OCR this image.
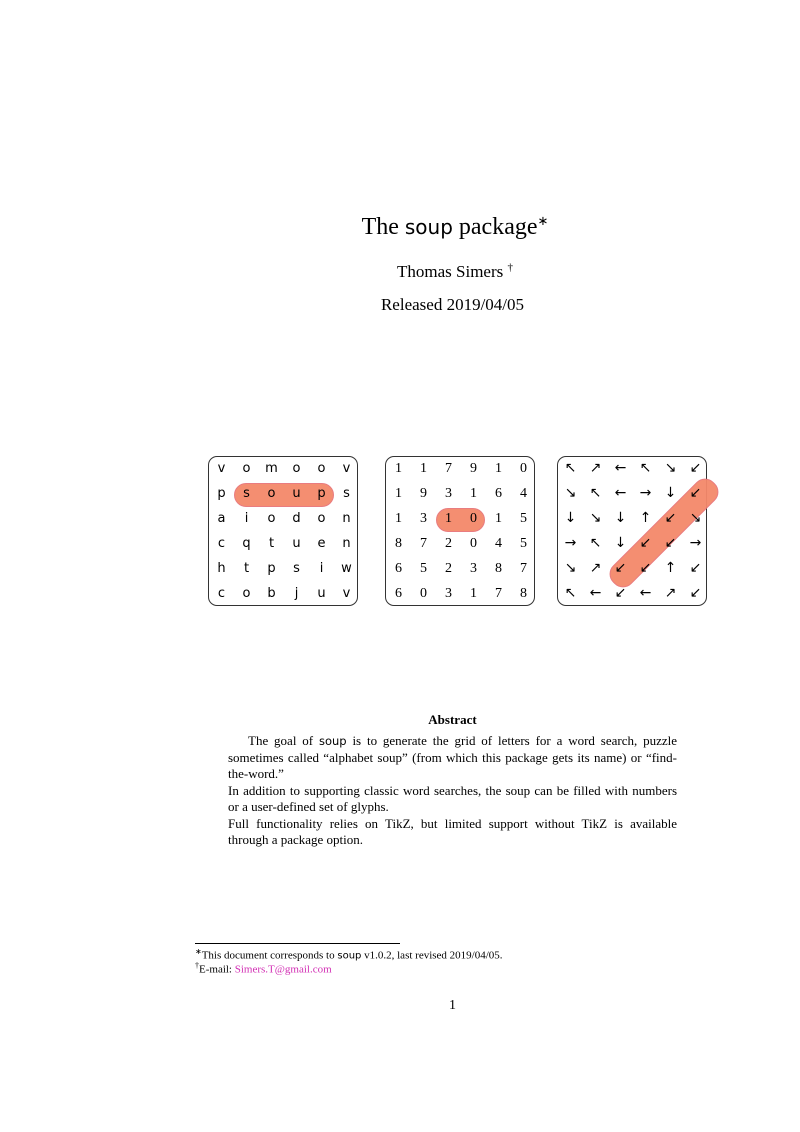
The soup package∗
Thomas Simers †
Released 2019/04/05
v	o	m	o	o	v
p	s	o	u	p	s
a	i	o	d	o	n
c	q	t	u	e	n
h	t	p	s	i	w
c	o	b	j	u	v
1	1	7	9	1	0
1	9	3	1	6	4
1	3	1	0	1	5
8	7	2	0	4	5
6	5	2	3	8	7
6	0	3	1	7	8
↖ ↗ ← ↖ ↘ ↙
↘ ↖ ← → ↓ ↙
↓ ↘ ↓ ↑ ↙ ↘
→ ↖ ↓ ↙ ↙ →
↘ ↗ ↙ ↙ ↑ ↙
↖ ← ↙ ← ↗ ↙
Abstract

The goal of soup is to generate the grid of letters for a word search, puzzle sometimes called “alphabet soup” (from which this package gets its name) or “find-the-word.”

In addition to supporting classic word searches, the soup can be filled with numbers or a user-defined set of glyphs.

Full functionality relies on TikZ, but limited support without TikZ is available through a package option.

∗This document corresponds to soup v1.0.2, last revised 2019/04/05.
†E-mail: Simers.T@gmail.com
1
